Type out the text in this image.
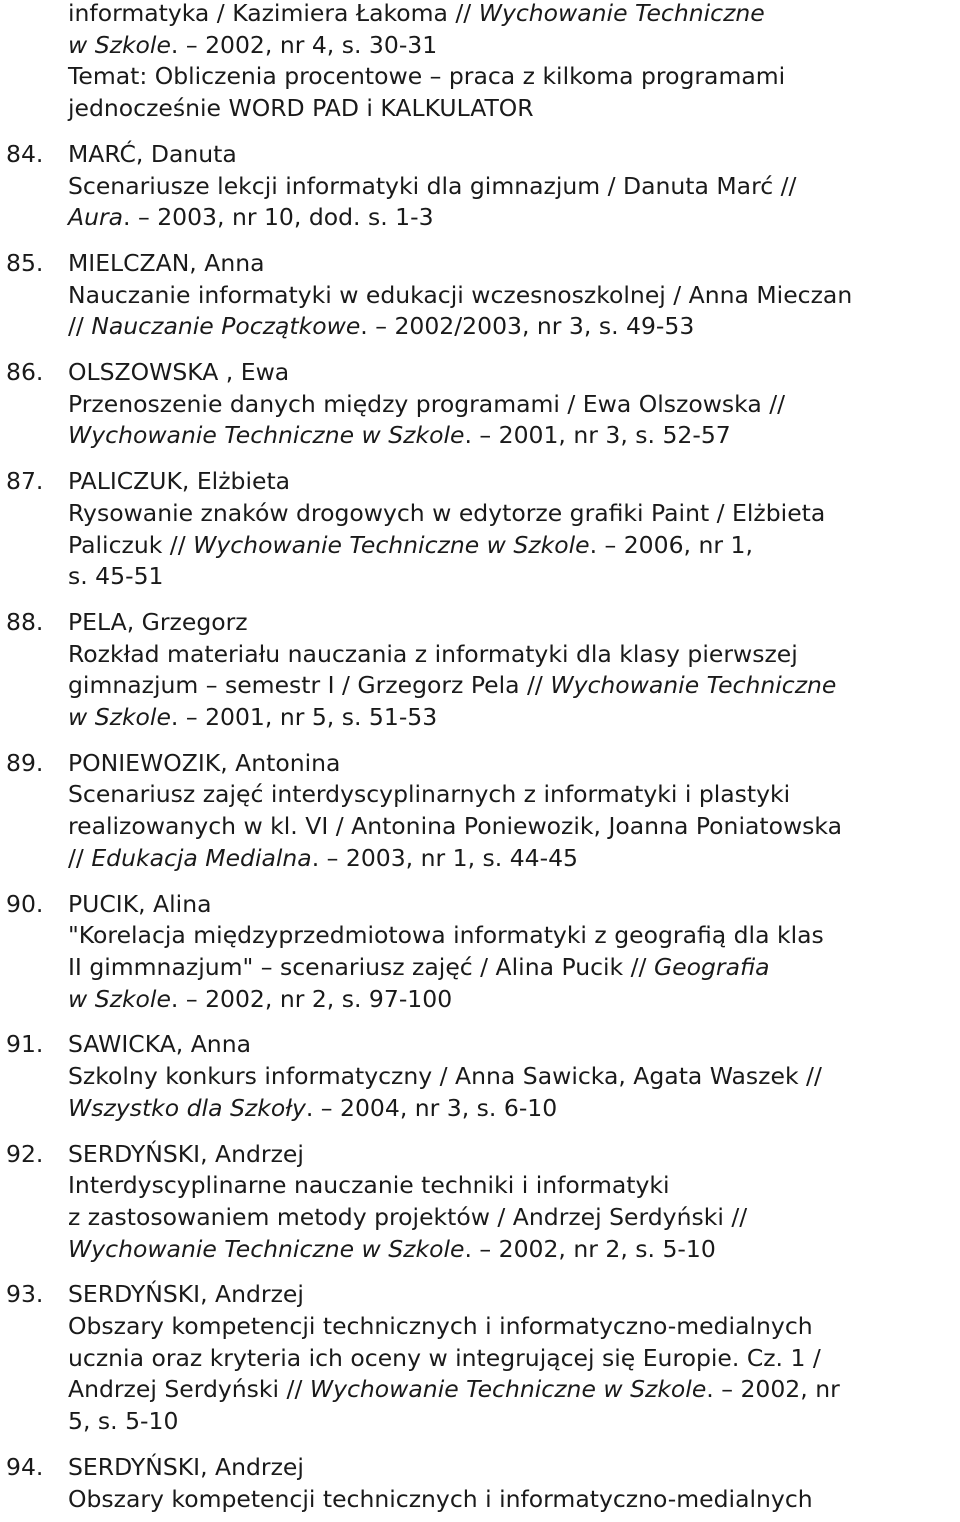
informatyka / Kazimiera Łakoma // Wychowanie Techniczne
w Szkole. – 2002, nr 4, s. 30-31
Temat: Obliczenia procentowe – praca z kilkoma programami
jednocześnie WORD PAD i KALKULATOR
84. MARĆ, Danuta
Scenariusze lekcji informatyki dla gimnazjum / Danuta Marć //
Aura. – 2003, nr 10, dod. s. 1-3
85. MIELCZAN, Anna
Nauczanie informatyki w edukacji wczesnoszkolnej / Anna Mieczan
// Nauczanie Początkowe. – 2002/2003, nr 3, s. 49-53
86. OLSZOWSKA , Ewa
Przenoszenie danych między programami / Ewa Olszowska //
Wychowanie Techniczne w Szkole. – 2001, nr 3, s. 52-57
87. PALICZUK, Elżbieta
Rysowanie znaków drogowych w edytorze grafiki Paint / Elżbieta
Paliczuk // Wychowanie Techniczne w Szkole. – 2006, nr 1,
s. 45-51
88. PELA, Grzegorz
Rozkład materiału nauczania z informatyki dla klasy pierwszej
gimnazjum – semestr I / Grzegorz Pela // Wychowanie Techniczne
w Szkole. – 2001, nr 5, s. 51-53
89. PONIEWOZIK, Antonina
Scenariusz zajęć interdyscyplinarnych z informatyki i plastyki
realizowanych w kl. VI / Antonina Poniewozik, Joanna Poniatowska
// Edukacja Medialna. – 2003, nr 1, s. 44-45
90. PUCIK, Alina
"Korelacja międzyprzedmiotowa informatyki z geografią dla klas
II gimmnazjum" – scenariusz zajęć / Alina Pucik // Geografia
w Szkole. – 2002, nr 2, s. 97-100
91. SAWICKA, Anna
Szkolny konkurs informatyczny / Anna Sawicka, Agata Waszek //
Wszystko dla Szkoły. – 2004, nr 3, s. 6-10
92. SERDYŃSKI, Andrzej
Interdyscyplinarne nauczanie techniki i informatyki
z zastosowaniem metody projektów / Andrzej Serdyński //
Wychowanie Techniczne w Szkole. – 2002, nr 2, s. 5-10
93. SERDYŃSKI, Andrzej
Obszary kompetencji technicznych i informatyczno-medialnych
ucznia oraz kryteria ich oceny w integrującej się Europie. Cz. 1 /
Andrzej Serdyński // Wychowanie Techniczne w Szkole. – 2002, nr
5, s. 5-10
94. SERDYŃSKI, Andrzej
Obszary kompetencji technicznych i informatyczno-medialnych
